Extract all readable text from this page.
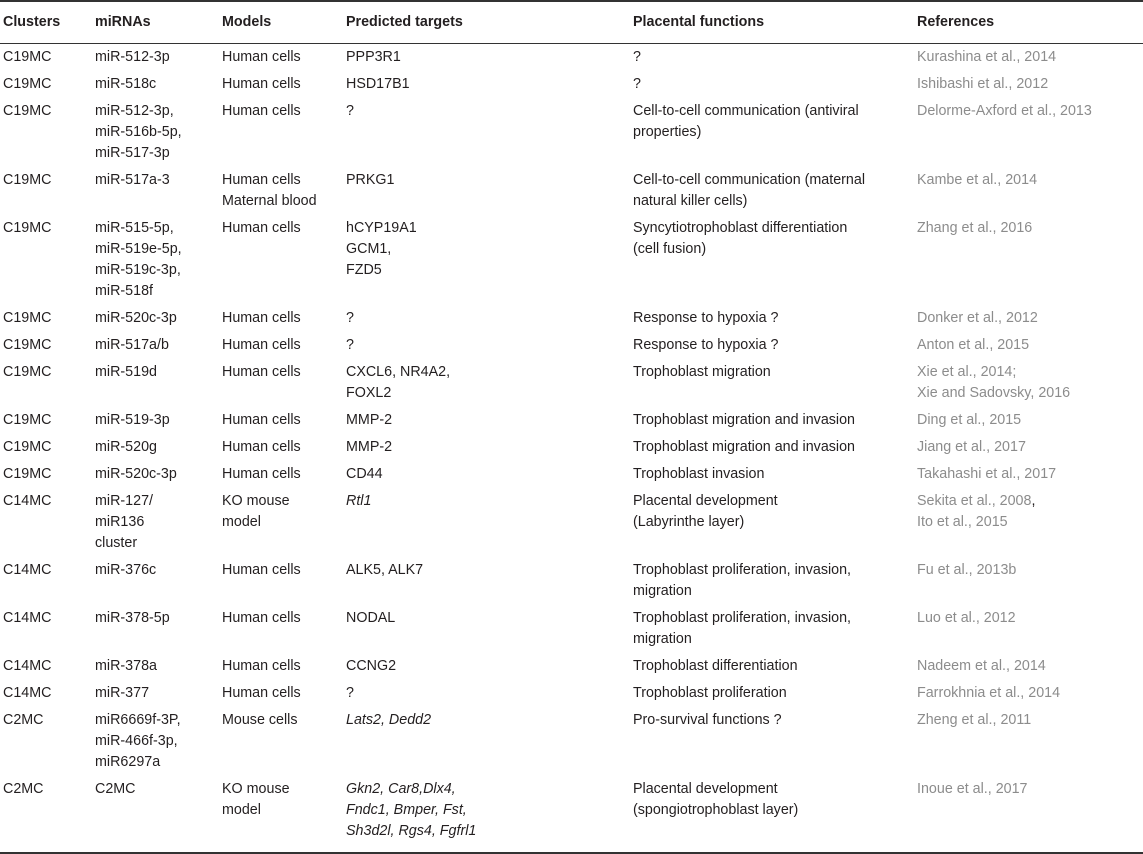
Clusters	miRNAs	Models	Predicted targets	Placental functions	References
C19MC	miR-512-3p	Human cells	PPP3R1	?	Kurashina et al., 2014

C19MC	miR-518c	Human cells	HSD17B1	?	Ishibashi et al., 2012

C19MC	miR-512-3p,
miR-516b-5p,
miR-517-3p	Human cells	?	Cell-to-cell communication (antiviral
properties)	Delorme-Axford et al., 2013

C19MC	miR-517a-3	Human cells
Maternal blood	PRKG1	Cell-to-cell communication (maternal
natural killer cells)	Kambe et al., 2014

C19MC	miR-515-5p,
miR-519e-5p,
miR-519c-3p,
miR-518f	Human cells	hCYP19A1
GCM1,
FZD5	Syncytiotrophoblast differentiation
(cell fusion)	Zhang et al., 2016

C19MC	miR-520c-3p	Human cells	?	Response to hypoxia ?	Donker et al., 2012

C19MC	miR-517a/b	Human cells	?	Response to hypoxia ?	Anton et al., 2015

C19MC	miR-519d	Human cells	CXCL6, NR4A2,
FOXL2	Trophoblast migration	Xie et al., 2014;
Xie and Sadovsky, 2016

C19MC	miR-519-3p	Human cells	MMP-2	Trophoblast migration and invasion	Ding et al., 2015

C19MC	miR-520g	Human cells	MMP-2	Trophoblast migration and invasion	Jiang et al., 2017

C19MC	miR-520c-3p	Human cells	CD44	Trophoblast invasion	Takahashi et al., 2017

C14MC	miR-127/
miR136
cluster	KO mouse
model	Rtl1	Placental development
(Labyrinthe layer)	Sekita et al., 2008,

Ito et al., 2015

C14MC	miR-376c	Human cells	ALK5, ALK7	Trophoblast proliferation, invasion,
migration	Fu et al., 2013b

C14MC	miR-378-5p	Human cells	NODAL	Trophoblast proliferation, invasion,
migration	Luo et al., 2012

C14MC	miR-378a	Human cells	CCNG2	Trophoblast differentiation	Nadeem et al., 2014

C14MC	miR-377	Human cells	?	Trophoblast proliferation	Farrokhnia et al., 2014

C2MC	miR6669f-3P,
miR-466f-3p,
miR6297a	Mouse cells	Lats2, Dedd2	Pro-survival functions ?	Zheng et al., 2011

C2MC	C2MC	KO mouse
model	Gkn2, Car8,Dlx4,
Fndc1, Bmper, Fst,
Sh3d2l, Rgs4, Fgfrl1	Placental development
(spongiotrophoblast layer)	Inoue et al., 2017
